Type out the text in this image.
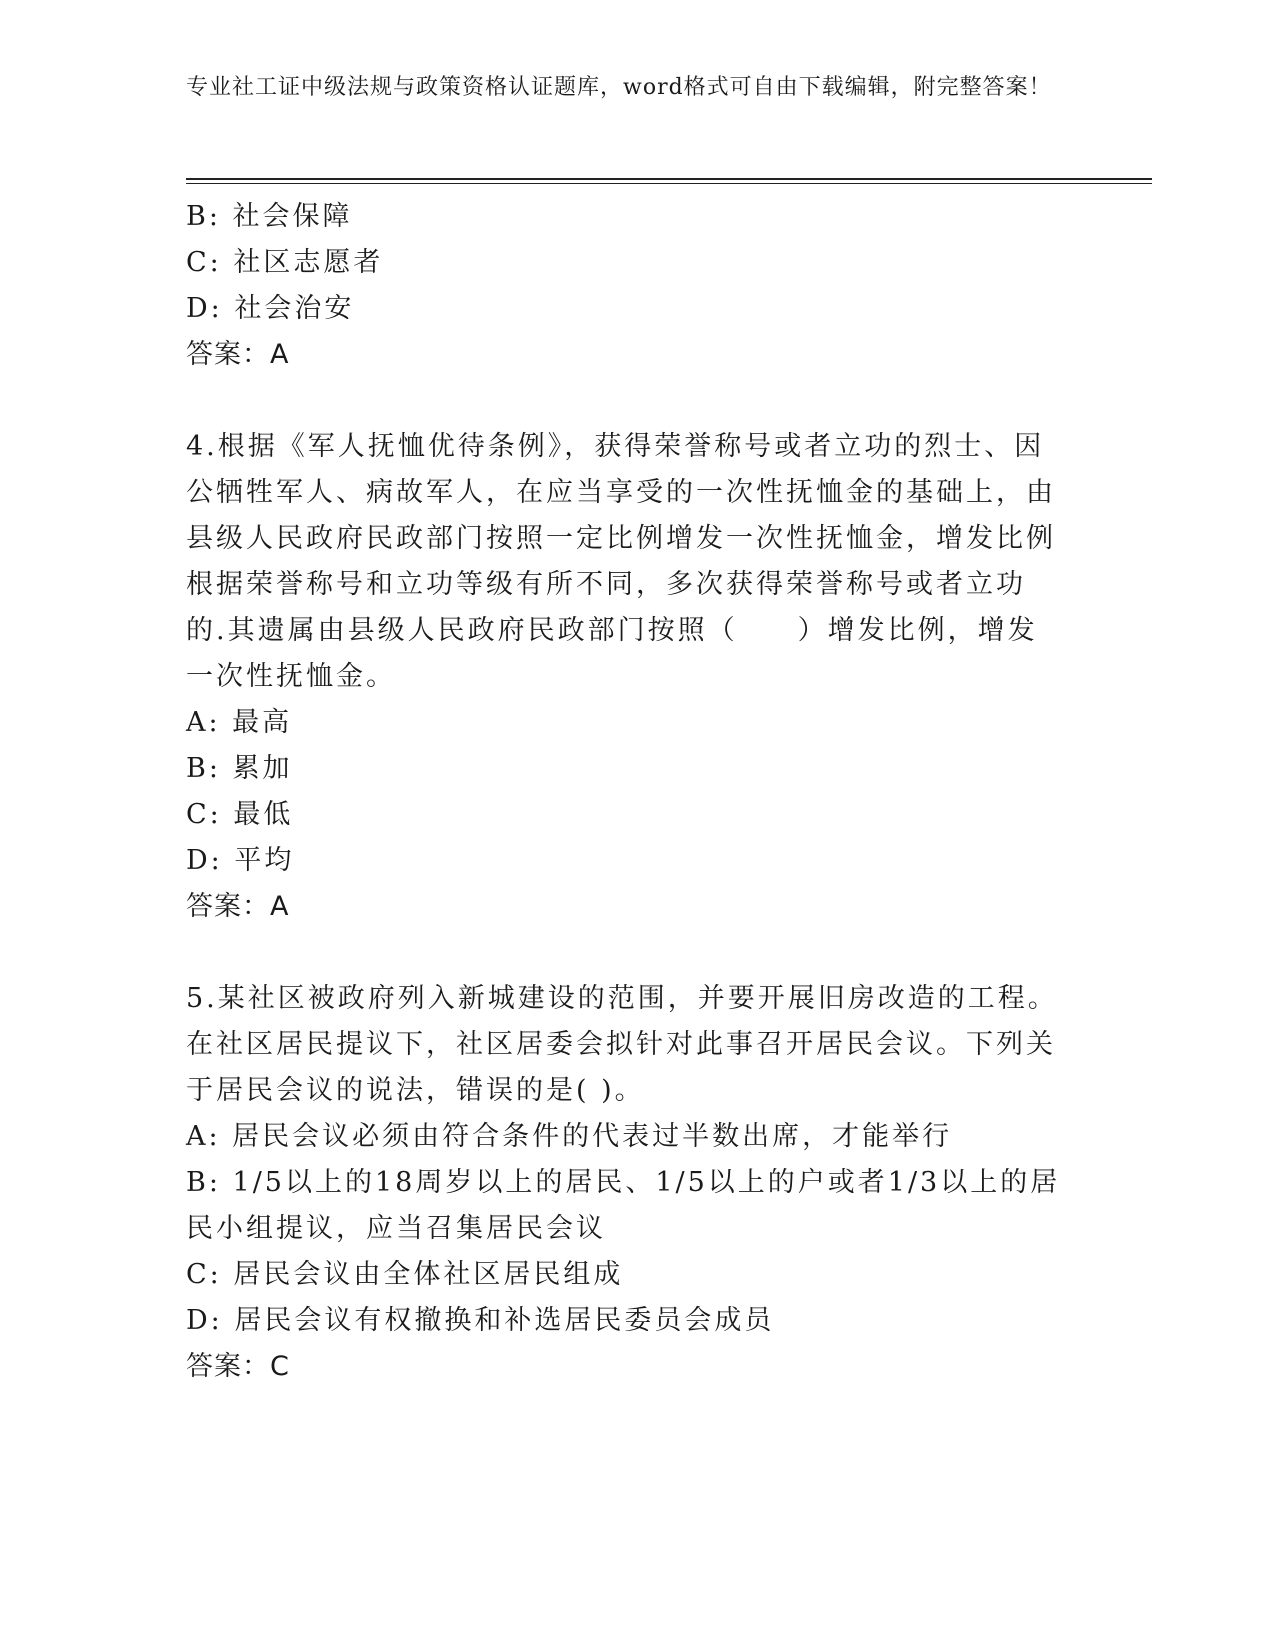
专业社工证中级法规与政策资格认证题库，word格式可自由下载编辑，附完整答案！
B: 社会保障
C: 社区志愿者
D: 社会治安
答案：A
4.根据《军人抚恤优待条例》，获得荣誉称号或者立功的烈士、因公牺牲军人、病故军人，在应当享受的一次性抚恤金的基础上，由县级人民政府民政部门按照一定比例增发一次性抚恤金，增发比例根据荣誉称号和立功等级有所不同，多次获得荣誉称号或者立功的.其遗属由县级人民政府民政部门按照（　　）增发比例，增发一次性抚恤金。
A: 最高
B: 累加
C: 最低
D: 平均
答案：A
5.某社区被政府列入新城建设的范围，并要开展旧房改造的工程。在社区居民提议下，社区居委会拟针对此事召开居民会议。下列关于居民会议的说法，错误的是( )。
A: 居民会议必须由符合条件的代表过半数出席，才能举行
B: 1/5以上的18周岁以上的居民、1/5以上的户或者1/3以上的居民小组提议，应当召集居民会议
C: 居民会议由全体社区居民组成
D: 居民会议有权撤换和补选居民委员会成员
答案：C
